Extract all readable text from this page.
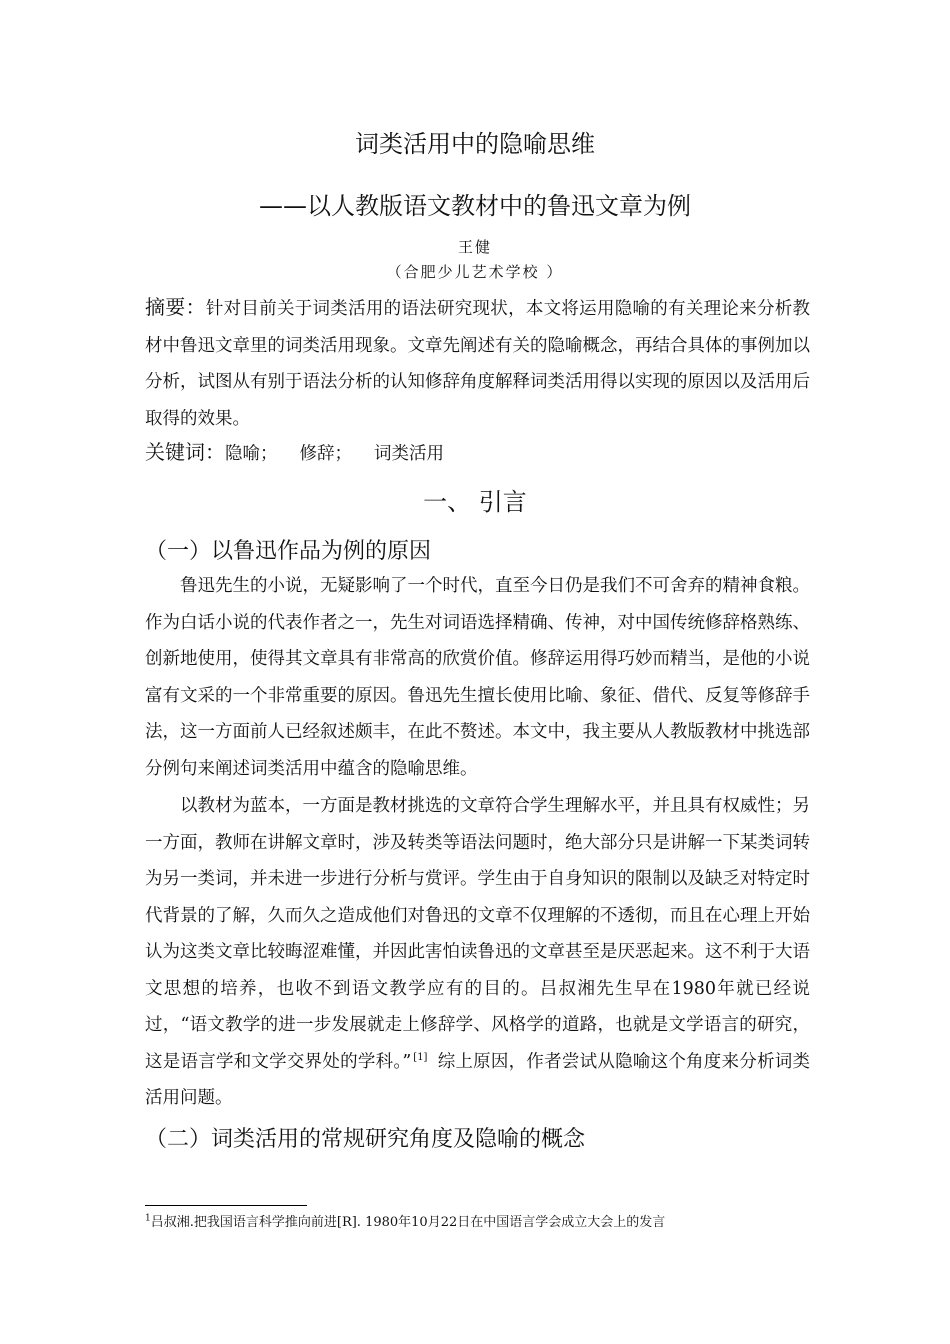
词类活用中的隐喻思维
——以人教版语文教材中的鲁迅文章为例
王健
（合肥少儿艺术学校 ）

摘要：针对目前关于词类活用的语法研究现状，本文将运用隐喻的有关理论来分析教材中鲁迅文章里的词类活用现象。文章先阐述有关的隐喻概念，再结合具体的事例加以分析，试图从有别于语法分析的认知修辞角度解释词类活用得以实现的原因以及活用后取得的效果。

关键词：隐喻； 修辞； 词类活用

一、 引言
（一）以鲁迅作品为例的原因

鲁迅先生的小说，无疑影响了一个时代，直至今日仍是我们不可舍弃的精神食粮。作为白话小说的代表作者之一，先生对词语选择精确、传神，对中国传统修辞格熟练、创新地使用，使得其文章具有非常高的欣赏价值。修辞运用得巧妙而精当，是他的小说富有文采的一个非常重要的原因。鲁迅先生擅长使用比喻、象征、借代、反复等修辞手法，这一方面前人已经叙述颇丰，在此不赘述。本文中，我主要从人教版教材中挑选部分例句来阐述词类活用中蕴含的隐喻思维。

以教材为蓝本，一方面是教材挑选的文章符合学生理解水平，并且具有权威性；另一方面，教师在讲解文章时，涉及转类等语法问题时，绝大部分只是讲解一下某类词转为另一类词，并未进一步进行分析与赏评。学生由于自身知识的限制以及缺乏对特定时代背景的了解，久而久之造成他们对鲁迅的文章不仅理解的不透彻，而且在心理上开始认为这类文章比较晦涩难懂，并因此害怕读鲁迅的文章甚至是厌恶起来。这不利于大语文思想的培养，也收不到语文教学应有的目的。吕叔湘先生早在1980年就已经说过，“语文教学的进一步发展就走上修辞学、风格学的道路，也就是文学语言的研究，这是语言学和文学交界处的学科。” [1] 综上原因，作者尝试从隐喻这个角度来分析词类活用问题。

（二）词类活用的常规研究角度及隐喻的概念
$^1$吕叔湘.把我国语言科学推向前进[R]. 1980年10月22日在中国语言学会成立大会上的发言
